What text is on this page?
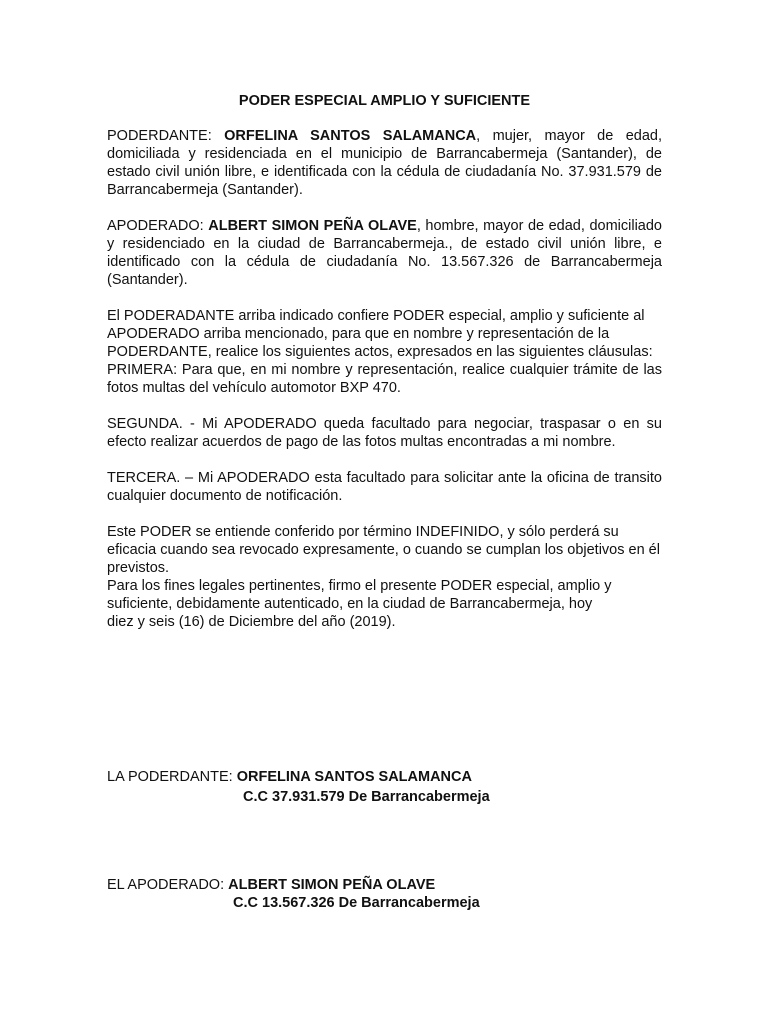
PODER ESPECIAL AMPLIO Y SUFICIENTE

PODERDANTE: ORFELINA SANTOS SALAMANCA, mujer, mayor de edad, domiciliada y residenciada en el municipio de Barrancabermeja (Santander), de estado civil unión libre, e identificada con la cédula de ciudadanía No. 37.931.579 de Barrancabermeja (Santander).

APODERADO: ALBERT SIMON PEÑA OLAVE, hombre, mayor de edad, domiciliado y residenciado en la ciudad de Barrancabermeja., de estado civil unión libre, e identificado con la cédula de ciudadanía No. 13.567.326 de Barrancabermeja (Santander).

El PODERADANTE arriba indicado confiere PODER especial, amplio y suficiente al APODERADO arriba mencionado, para que en nombre y representación de la PODERDANTE, realice los siguientes actos, expresados en las siguientes cláusulas:

PRIMERA: Para que, en mi nombre y representación, realice cualquier trámite de las fotos multas del vehículo automotor BXP 470.

SEGUNDA. - Mi APODERADO queda facultado para negociar, traspasar o en su efecto realizar acuerdos de pago de las fotos multas encontradas a mi nombre.

TERCERA. – Mi APODERADO esta facultado para solicitar ante la oficina de transito cualquier documento de notificación.

Este PODER se entiende conferido por término INDEFINIDO, y sólo perderá su eficacia cuando sea revocado expresamente, o cuando se cumplan los objetivos en él previstos.

Para los fines legales pertinentes, firmo el presente PODER especial, amplio y

suficiente, debidamente autenticado, en la ciudad de Barrancabermeja, hoy

diez y seis (16) de Diciembre del año (2019).

LA PODERDANTE: ORFELINA SANTOS SALAMANCA
C.C 37.931.579 De Barrancabermeja
EL APODERADO: ALBERT SIMON PEÑA OLAVE
C.C 13.567.326 De Barrancabermeja
